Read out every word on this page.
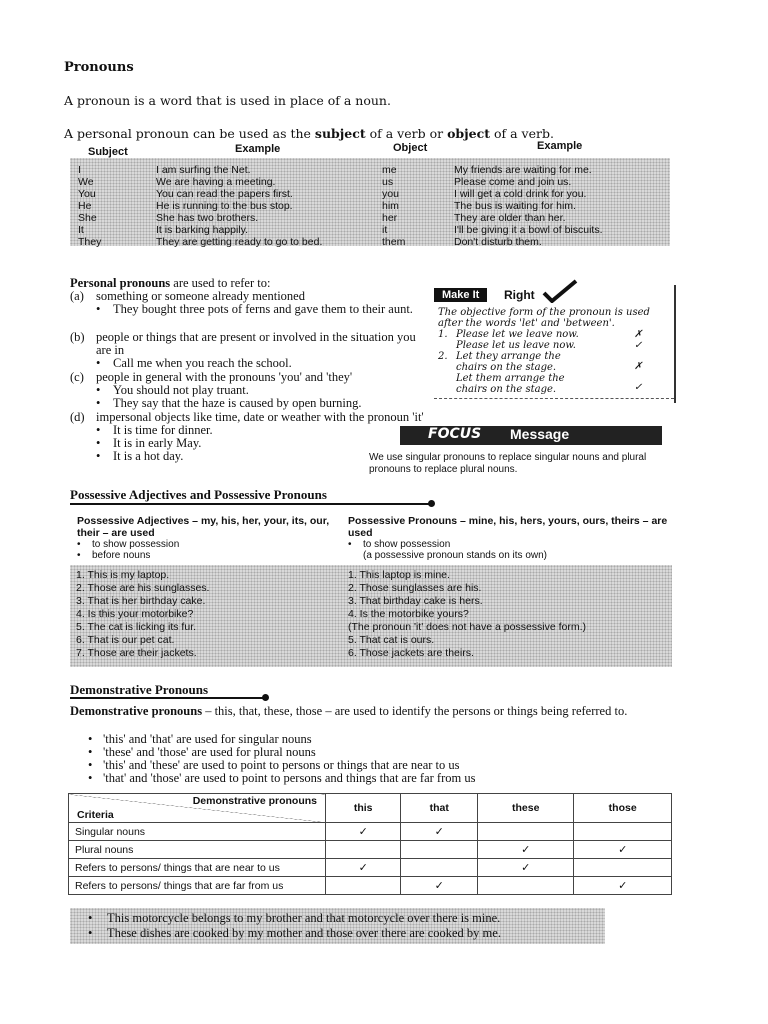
Pronouns
A pronoun is a word that is used in place of a noun.
A personal pronoun can be used as the subject of a verb or object of a verb.
Subject	Example	Object	Example
I	I am surfing the Net.	me	My friends are waiting for me.
We	We are having a meeting.	us	Please come and join us.
You	You can read the papers first.	you	I will get a cold drink for you.
He	He is running to the bus stop.	him	The bus is waiting for him.
She	She has two brothers.	her	They are older than her.
It	It is barking happily.	it	I'll be giving it a bowl of biscuits.
They	They are getting ready to go to bed.	them	Don't disturb them.
Personal pronouns are used to refer to:
(a) something or someone already mentioned
• They bought three pots of ferns and gave them to their aunt.
(b) people or things that are present or involved in the situation you are in
• Call me when you reach the school.
(c) people in general with the pronouns 'you' and 'they'
• You should not play truant.
• They say that the haze is caused by open burning.
(d) impersonal objects like time, date or weather with the pronoun 'it'
• It is time for dinner.
• It is in early May.
• It is a hot day.
Make It	Right
The objective form of the pronoun is used after the words 'let' and 'between'.
1. Please let we leave now.	✗
Please let us leave now.	✓
2. Let they arrange the chairs on the stage.	✗
Let them arrange the chairs on the stage.	✓
FOCUS Message
We use singular pronouns to replace singular nouns and plural pronouns to replace plural nouns.
Possessive Adjectives and Possessive Pronouns
Possessive Adjectives – my, his, her, your, its, our, their – are used
• to show possession
• before nouns
Possessive Pronouns – mine, his, hers, yours, ours, theirs – are used
• to show possession
(a possessive pronoun stands on its own)
1. This is my laptop.
2. Those are his sunglasses.
3. That is her birthday cake.
4. Is this your motorbike?
5. The cat is licking its fur.
6. That is our pet cat.
7. Those are their jackets.
1. This laptop is mine.
2. Those sunglasses are his.
3. That birthday cake is hers.
4. Is the motorbike yours?
(The pronoun 'it' does not have a possessive form.)
5. That cat is ours.
6. Those jackets are theirs.
Demonstrative Pronouns
Demonstrative pronouns – this, that, these, those – are used to identify the persons or things being referred to.
• 'this' and 'that' are used for singular nouns
• 'these' and 'those' are used for plural nouns
• 'this' and 'these' are used to point to persons or things that are near to us
• 'that' and 'those' are used to point to persons and things that are far from us
Demonstrative pronouns
Criteria	this	that	these	those
Singular nouns	✓	✓		
Plural nouns			✓	✓
Refers to persons/ things that are near to us	✓		✓	
Refers to persons/ things that are far from us		✓		✓
• This motorcycle belongs to my brother and that motorcycle over there is mine.
• These dishes are cooked by my mother and those over there are cooked by me.
